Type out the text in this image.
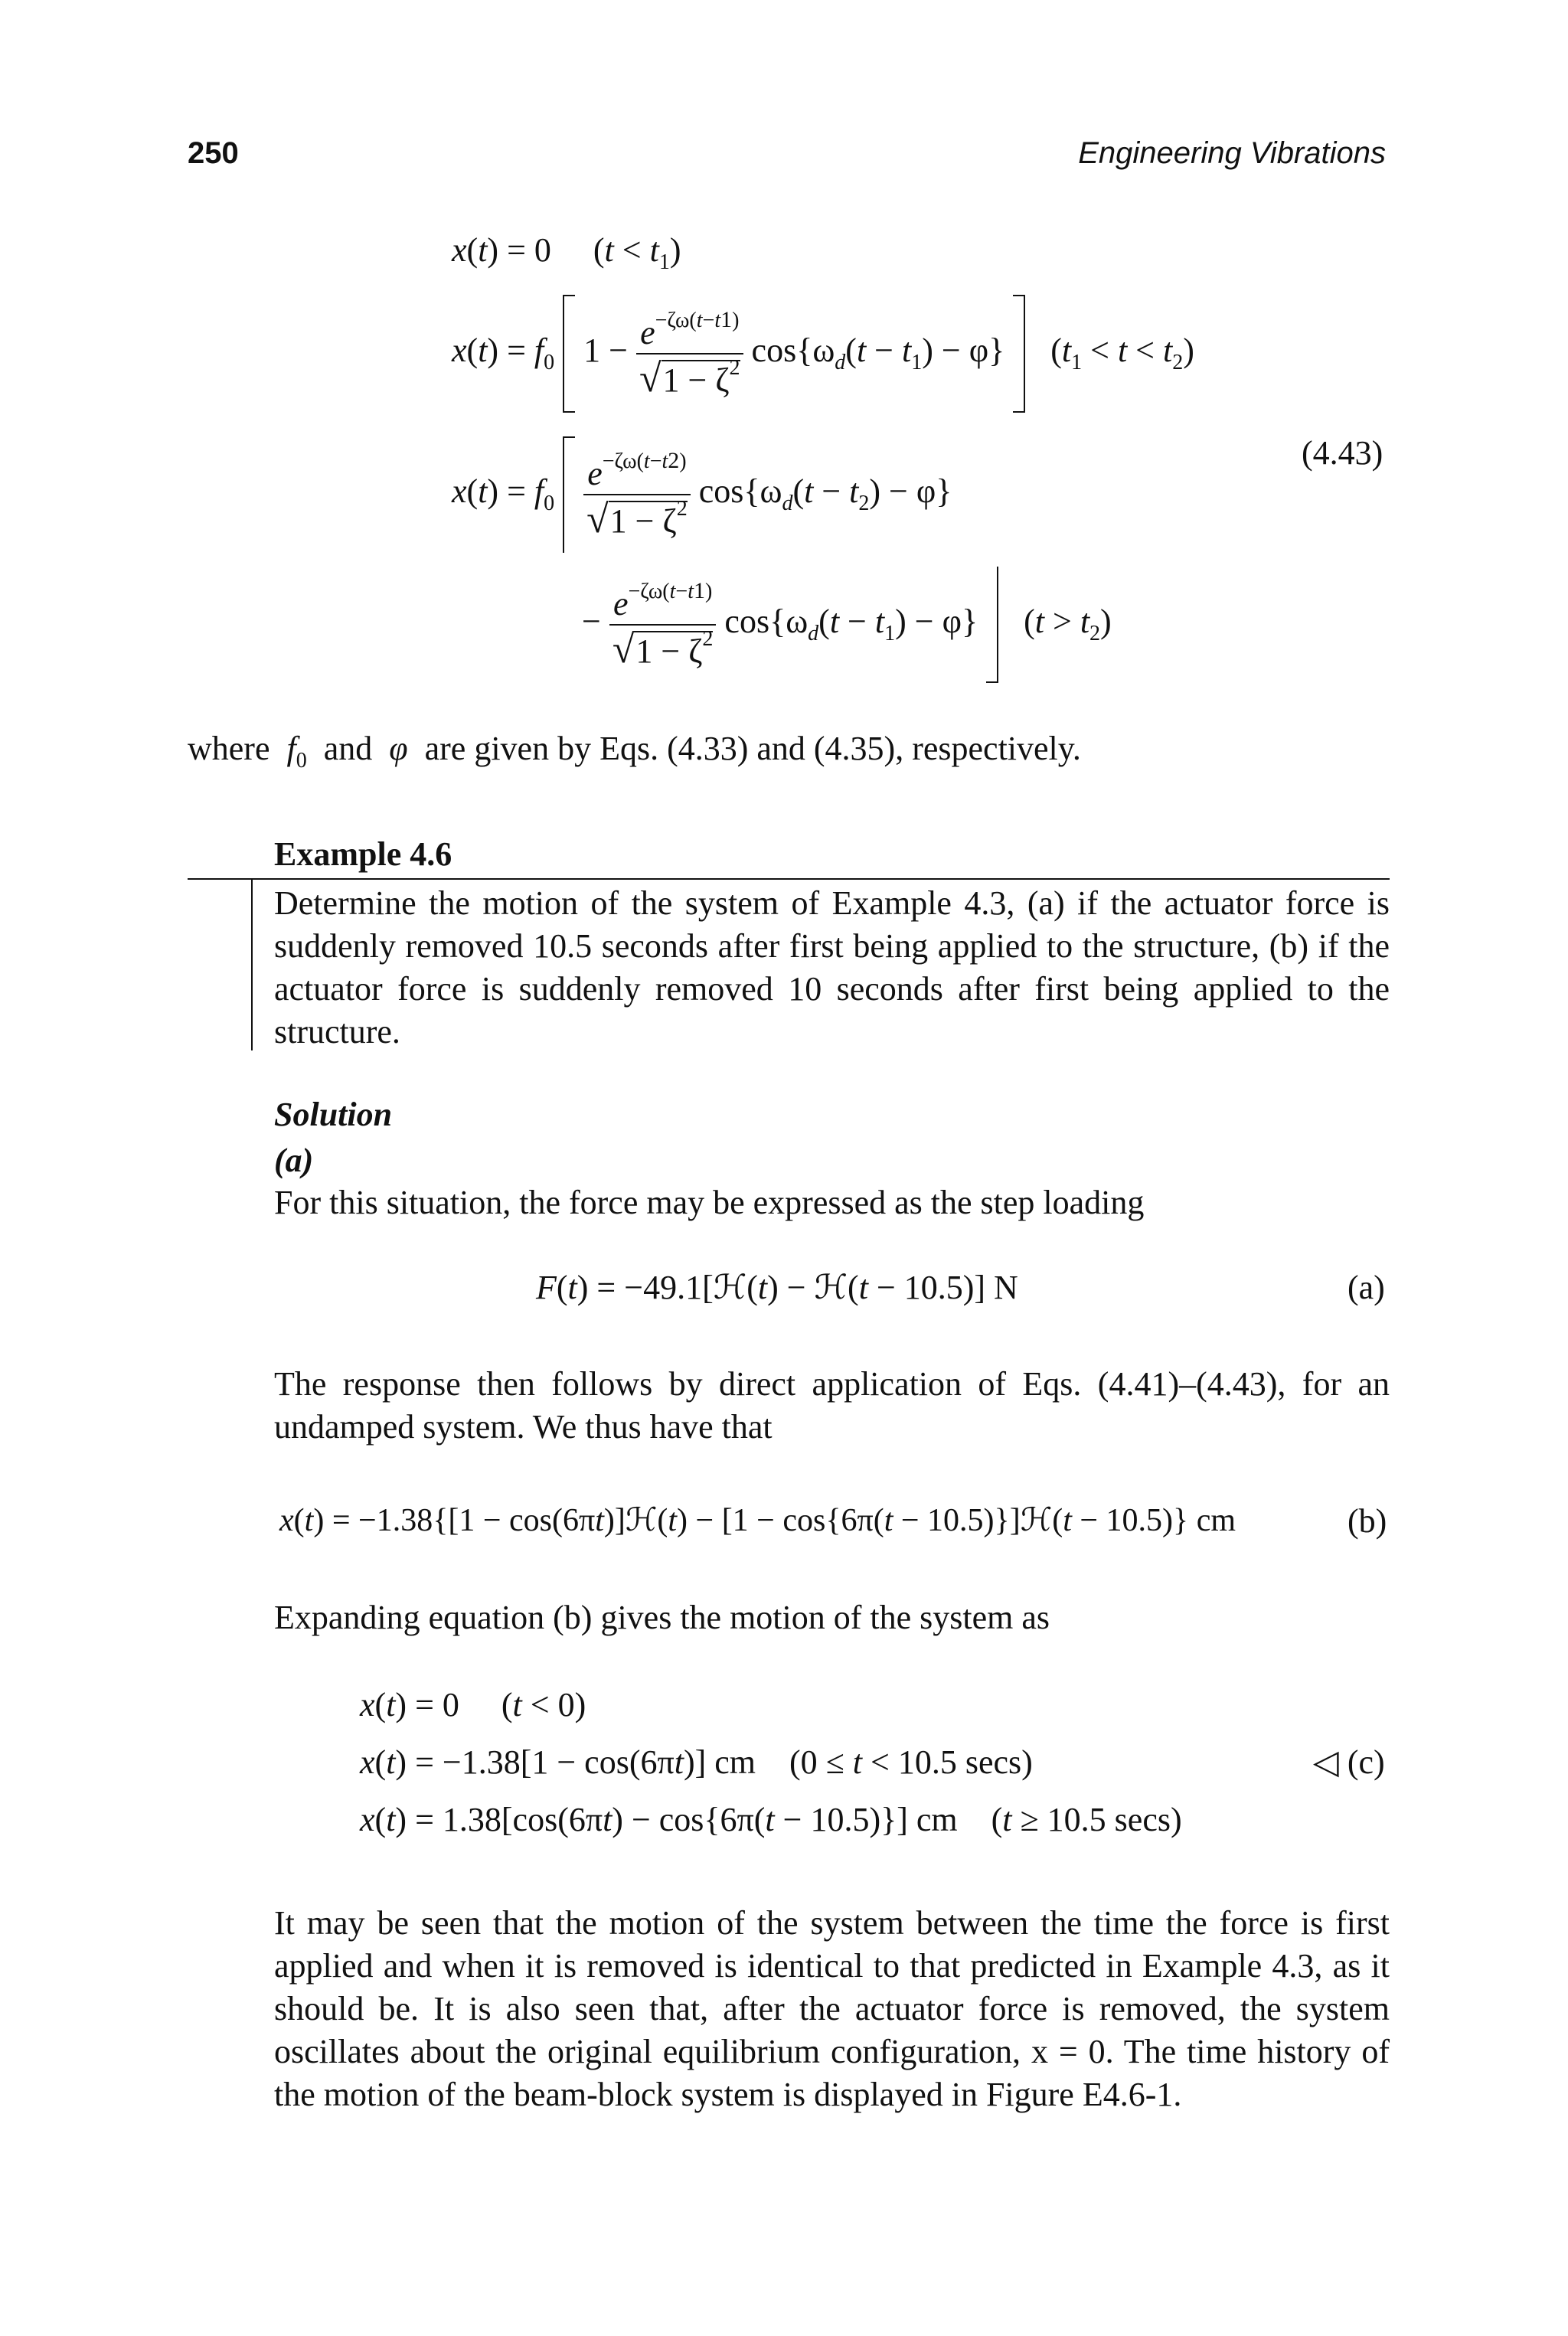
250	Engineering Vibrations
x(t) = 0     $(t < t_1)$
$x(t) = f_0$  $1 - \frac{e^{-\zeta\omega(t-t1)}}{√1 - \zeta^2} \cos\{\omega_d(t - t_1) - \varphi\}$    $(t_1 < t < t_2)$
$x(t) = f_0 \frac{e^{-\zeta\omega(t-t2)}}{√1 - \zeta^2} \cos\{\omega_d(t - t_2) - \varphi\}$
(4.43)
− $\frac{e^{-\zeta\omega(t-t1)}}{√1 - \zeta^2} \cos\{\omega_d(t - t_1) - \varphi\}$    $(t > t_2)$
where $f_0$ and φ are given by Eqs. (4.33) and (4.35), respectively.
Example 4.6
Determine the motion of the system of Example 4.3, (a) if the actuator force is suddenly removed 10.5 seconds after first being applied to the structure, (b) if the actuator force is suddenly removed 10 seconds after first being applied to the structure.
Solution
(a)
For this situation, the force may be expressed as the step loading
F(t) = −49.1[ℋ(t) − ℋ(t − 10.5)] N	(a)
The response then follows by direct application of Eqs. (4.41)–(4.43), for an undamped system. We thus have that
x(t) = −1.38{[1 − cos(6πt)]ℋ(t) − [1 − cos{6π(t − 10.5)}]ℋ(t − 10.5)} cm	(b)
Expanding equation (b) gives the motion of the system as
x(t) = 0     (t < 0)
x(t) = −1.38[1 − cos(6πt)] cm    (0 ≤ t < 10.5 secs)
x(t) = 1.38[cos(6πt) − cos{6π(t − 10.5)}] cm    (t ≥ 10.5 secs)
◁ (c)
It may be seen that the motion of the system between the time the force is first applied and when it is removed is identical to that predicted in Example 4.3, as it should be. It is also seen that, after the actuator force is removed, the system oscillates about the original equilibrium configuration, x = 0. The time history of the motion of the beam-block system is displayed in Figure E4.6-1.
